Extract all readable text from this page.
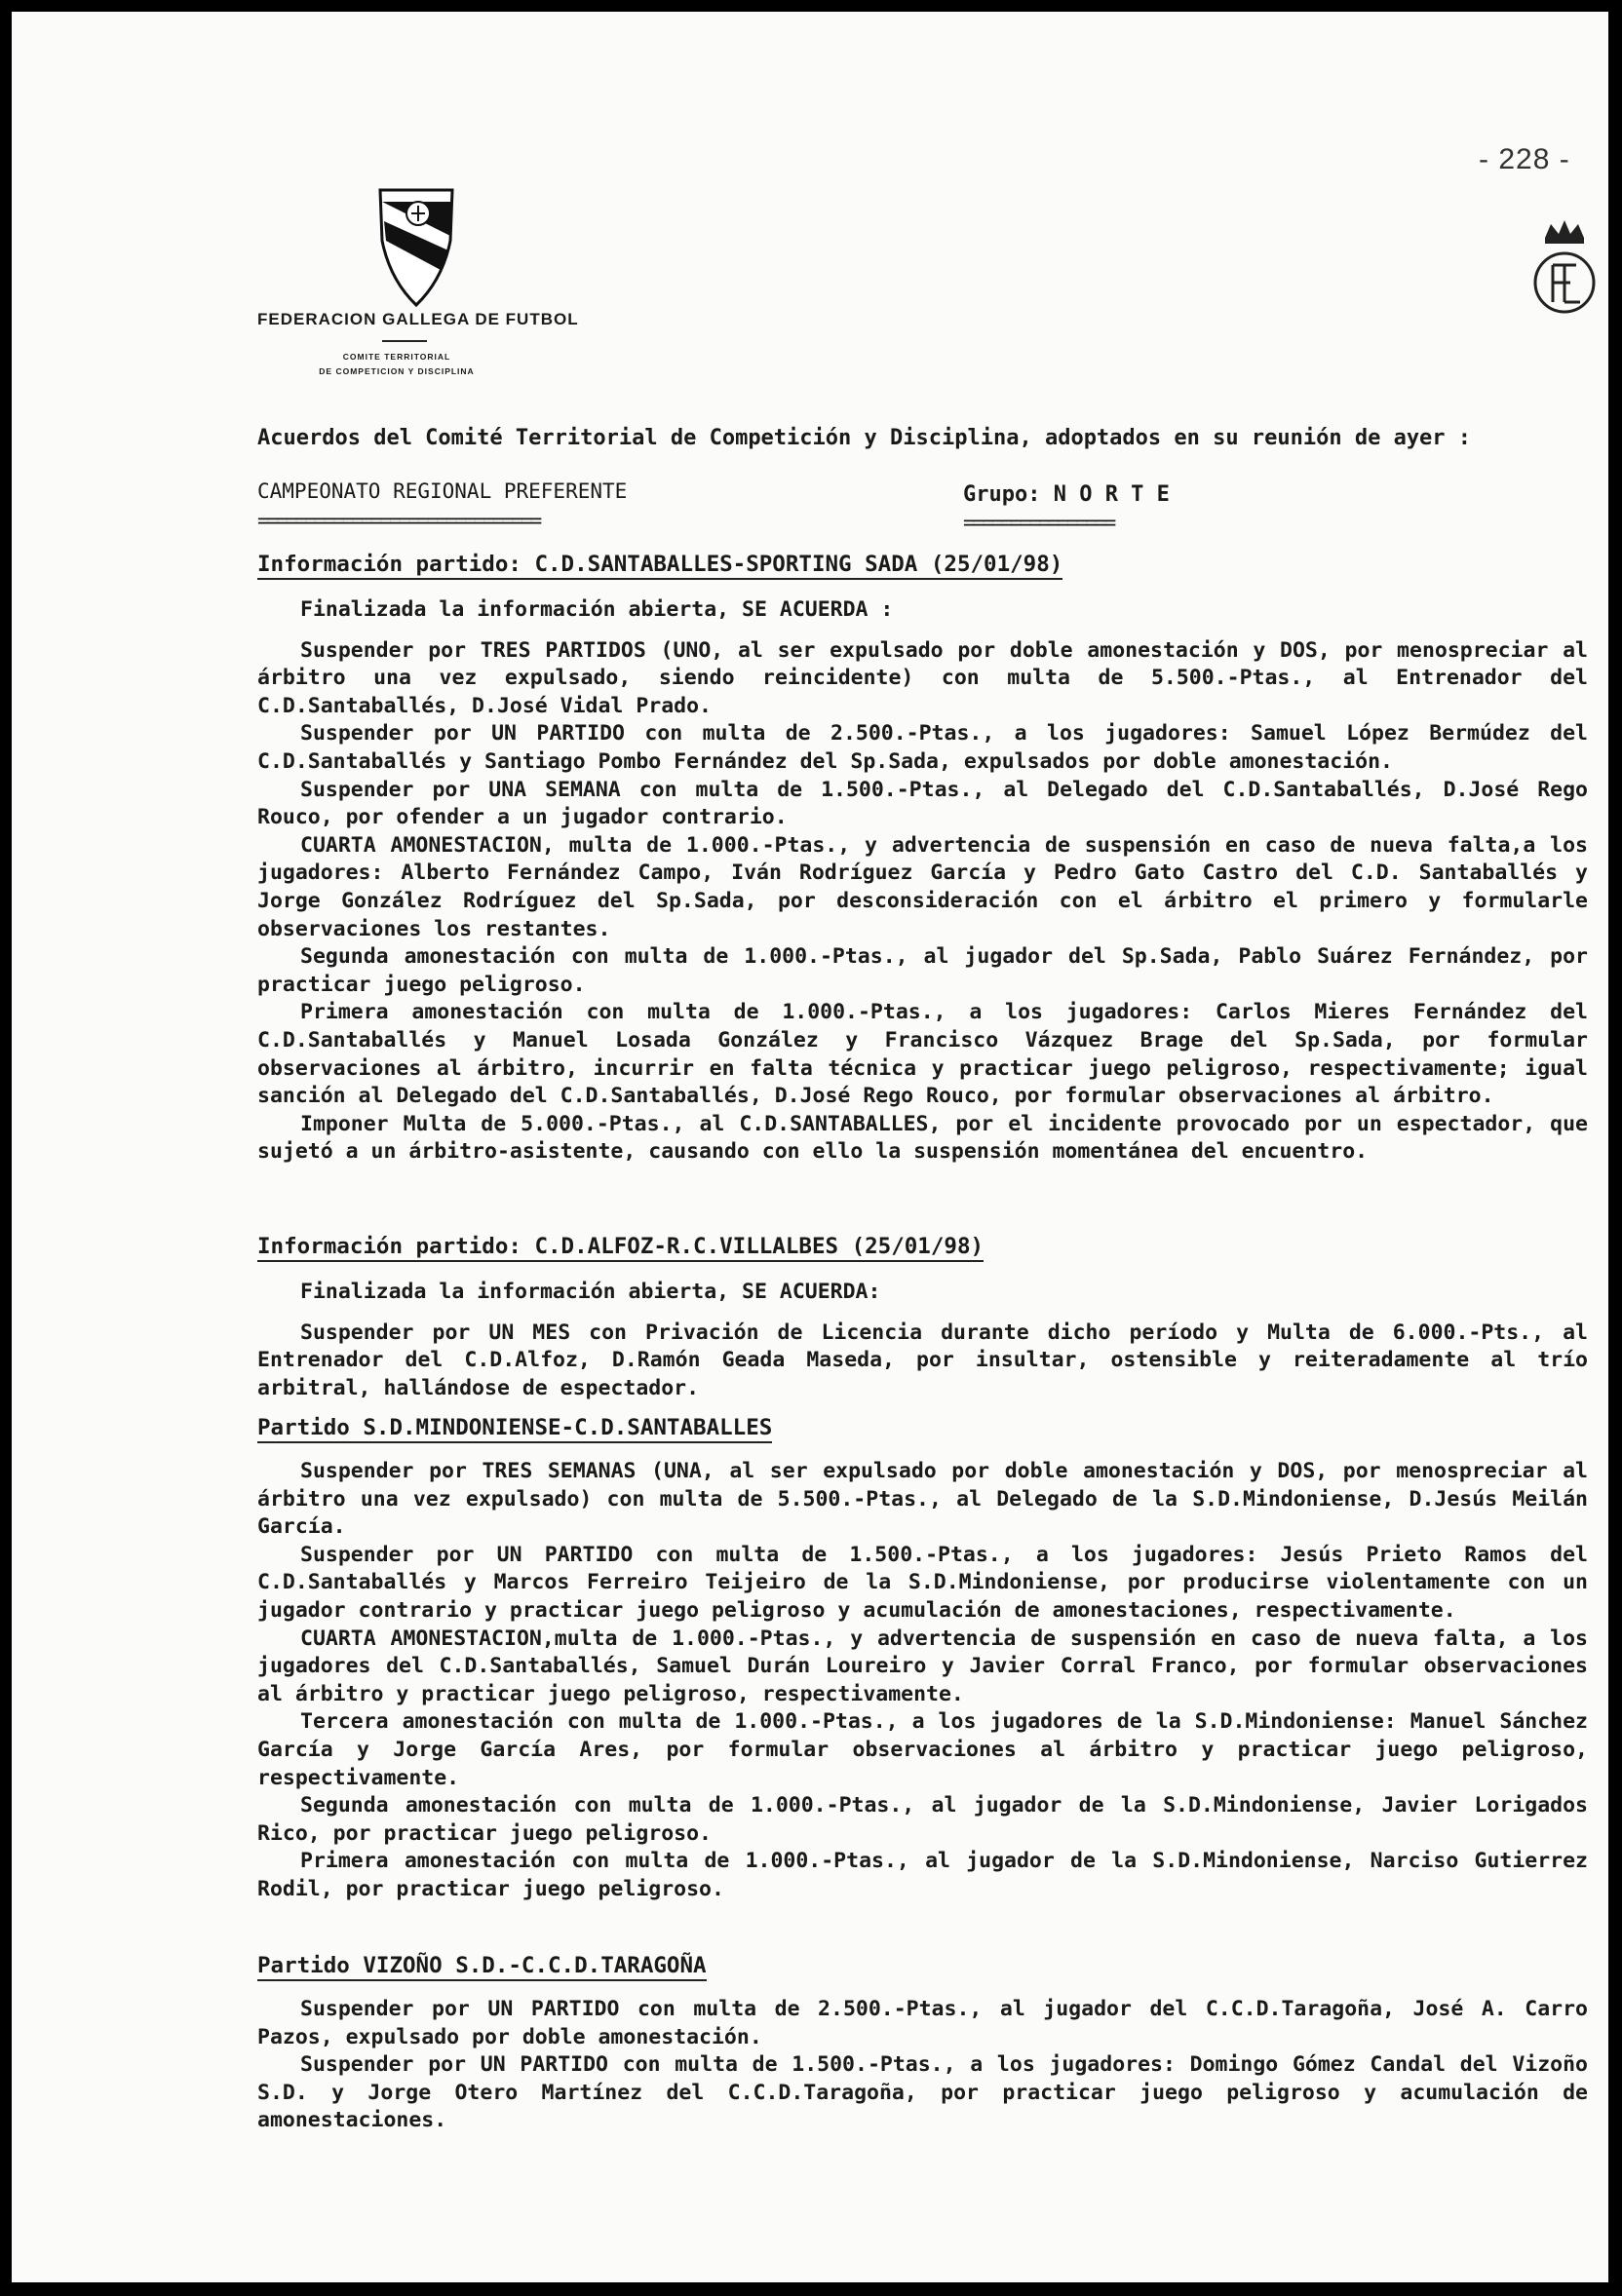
- 228 -
FEDERACION GALLEGA DE FUTBOL
COMITE TERRITORIAL
DE COMPETICION Y DISCIPLINA
Acuerdos del Comité Territorial de Competición y Disciplina, adoptados en su reunión de ayer :
CAMPEONATO REGIONAL PREFERENTE
==============================
Grupo: N O R T E
================
Información partido: C.D.SANTABALLES-SPORTING SADA (25/01/98)

Finalizada la información abierta, SE ACUERDA :

Suspender por TRES PARTIDOS (UNO, al ser expulsado por doble amonestación y DOS, por menospreciar al árbitro una vez expulsado, siendo reincidente) con multa de 5.500.-Ptas., al Entrenador del C.D.Santaballés, D.José Vidal Prado.

Suspender por UN PARTIDO con multa de 2.500.-Ptas., a los jugadores: Samuel López Bermúdez del C.D.Santaballés y Santiago Pombo Fernández del Sp.Sada, expulsados por doble amonestación.

Suspender por UNA SEMANA con multa de 1.500.-Ptas., al Delegado del C.D.Santaballés, D.José Rego Rouco, por ofender a un jugador contrario.

CUARTA AMONESTACION, multa de 1.000.-Ptas., y advertencia de suspensión en caso de nueva falta,a los jugadores: Alberto Fernández Campo, Iván Rodríguez García y Pedro Gato Castro del C.D. Santaballés y Jorge González Rodríguez del Sp.Sada, por desconsideración con el árbitro el primero y formularle observaciones los restantes.

Segunda amonestación con multa de 1.000.-Ptas., al jugador del Sp.Sada, Pablo Suárez Fernández, por practicar juego peligroso.

Primera amonestación con multa de 1.000.-Ptas., a los jugadores: Carlos Mieres Fernández del C.D.Santaballés y Manuel Losada González y Francisco Vázquez Brage del Sp.Sada, por formular observaciones al árbitro, incurrir en falta técnica y practicar juego peligroso, respectivamente; igual sanción al Delegado del C.D.Santaballés, D.José Rego Rouco, por formular observaciones al árbitro.

Imponer Multa de 5.000.-Ptas., al C.D.SANTABALLES, por el incidente provocado por un espectador, que sujetó a un árbitro-asistente, causando con ello la suspensión momentánea del encuentro.

Información partido: C.D.ALFOZ-R.C.VILLALBES (25/01/98)

Finalizada la información abierta, SE ACUERDA:

Suspender por UN MES con Privación de Licencia durante dicho período y Multa de 6.000.-Pts., al Entrenador del C.D.Alfoz, D.Ramón Geada Maseda, por insultar, ostensible y reiteradamente al trío arbitral, hallándose de espectador.

Partido S.D.MINDONIENSE-C.D.SANTABALLES

Suspender por TRES SEMANAS (UNA, al ser expulsado por doble amonestación y DOS, por menospreciar al árbitro una vez expulsado) con multa de 5.500.-Ptas., al Delegado de la S.D.Mindoniense, D.Jesús Meilán García.

Suspender por UN PARTIDO con multa de 1.500.-Ptas., a los jugadores: Jesús Prieto Ramos del C.D.Santaballés y Marcos Ferreiro Teijeiro de la S.D.Mindoniense, por producirse violentamente con un jugador contrario y practicar juego peligroso y acumulación de amonestaciones, respectivamente.

CUARTA AMONESTACION,multa de 1.000.-Ptas., y advertencia de suspensión en caso de nueva falta, a los jugadores del C.D.Santaballés, Samuel Durán Loureiro y Javier Corral Franco, por formular observaciones al árbitro y practicar juego peligroso, respectivamente.

Tercera amonestación con multa de 1.000.-Ptas., a los jugadores de la S.D.Mindoniense: Manuel Sánchez García y Jorge García Ares, por formular observaciones al árbitro y practicar juego peligroso, respectivamente.

Segunda amonestación con multa de 1.000.-Ptas., al jugador de la S.D.Mindoniense, Javier Lorigados Rico, por practicar juego peligroso.

Primera amonestación con multa de 1.000.-Ptas., al jugador de la S.D.Mindoniense, Narciso Gutierrez Rodil, por practicar juego peligroso.

Partido VIZOÑO S.D.-C.C.D.TARAGOÑA

Suspender por UN PARTIDO con multa de 2.500.-Ptas., al jugador del C.C.D.Taragoña, José A. Carro Pazos, expulsado por doble amonestación.

Suspender por UN PARTIDO con multa de 1.500.-Ptas., a los jugadores: Domingo Gómez Candal del Vizoño S.D. y Jorge Otero Martínez del C.C.D.Taragoña, por practicar juego peligroso y acumulación de amonestaciones.
